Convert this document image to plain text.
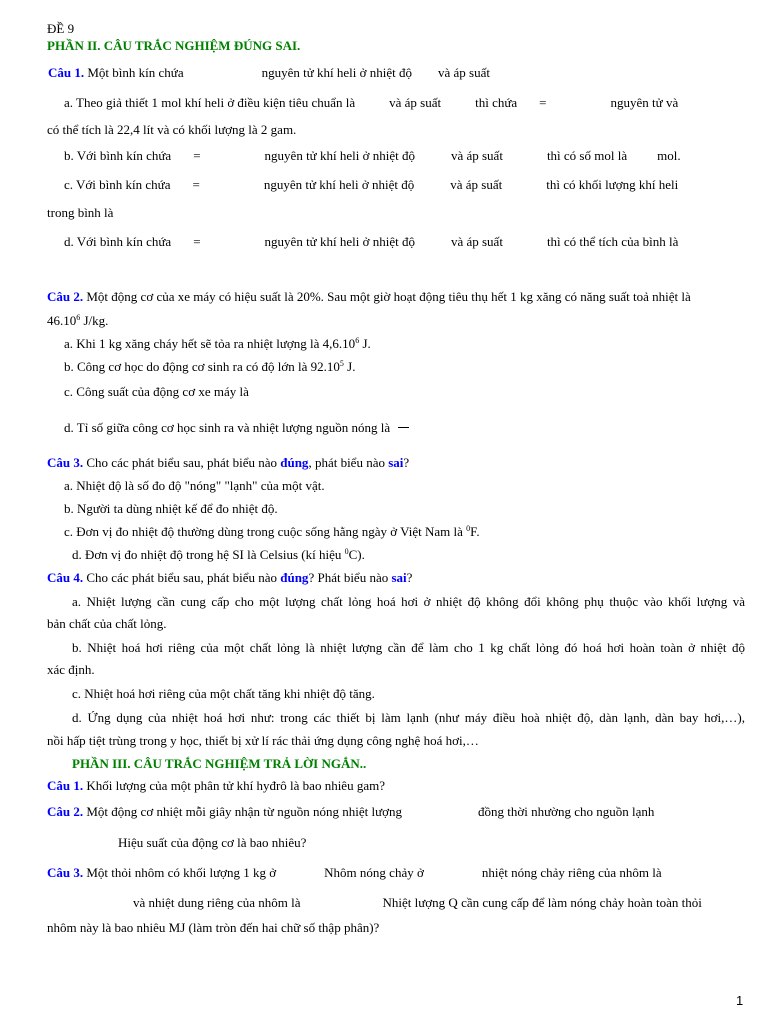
ĐỀ 9
PHẦN II. CÂU TRẮC NGHIỆM ĐÚNG SAI.
Câu 1. Một bình kín chứa	nguyên tử khí heli ở nhiệt độ và áp suất
a. Theo giả thiết 1 mol khí heli ở điều kiện tiêu chuẩn là	và áp suất	thì chứa =	nguyên tử và
có thể tích là 22,4 lít và có khối lượng là 2 gam.
b. Với bình kín chứa =	nguyên tử khí heli ở nhiệt độ	và áp suất	thì có số mol là mol.
c. Với bình kín chứa =	nguyên tử khí heli ở nhiệt độ	và áp suất	thì có khối lượng khí heli
trong bình là
d. Với bình kín chứa =	nguyên tử khí heli ở nhiệt độ	và áp suất	thì có thể tích của bình là
Câu 2. Một động cơ của xe máy có hiệu suất là 20%. Sau một giờ hoạt động tiêu thụ hết 1 kg xăng có năng suất toả nhiệt là
46.10$^6$ J/kg.
a. Khi 1 kg xăng cháy hết sẽ tỏa ra nhiệt lượng là 4,6.10$^6$ J.
b. Công cơ học do động cơ sinh ra có độ lớn là 92.10$^5$ J.
c. Công suất của động cơ xe máy là
d. Tỉ số giữa công cơ học sinh ra và nhiệt lượng nguồn nóng là
Câu 3. Cho các phát biểu sau, phát biểu nào đúng, phát biểu nào sai?
a. Nhiệt độ là số đo độ "nóng" "lạnh" của một vật.
b. Người ta dùng nhiệt kế để đo nhiệt độ.
c. Đơn vị đo nhiệt độ thường dùng trong cuộc sống hằng ngày ở Việt Nam là $^0$F.
d. Đơn vị đo nhiệt độ trong hệ SI là Celsius (kí hiệu $^0$C).
Câu 4. Cho các phát biểu sau, phát biểu nào đúng? Phát biểu nào sai?
a. Nhiệt lượng cần cung cấp cho một lượng chất lỏng hoá hơi ở nhiệt độ không đổi không phụ thuộc vào khối lượng và
bản chất của chất lỏng.
b. Nhiệt hoá hơi riêng của một chất lỏng là nhiệt lượng cần để làm cho 1 kg chất lỏng đó hoá hơi hoàn toàn ở nhiệt độ
xác định.
c. Nhiệt hoá hơi riêng của một chất tăng khi nhiệt độ tăng.
d. Ứng dụng của nhiệt hoá hơi như: trong các thiết bị làm lạnh (như máy điều hoà nhiệt độ, dàn lạnh, dàn bay hơi,…),
nồi hấp tiệt trùng trong y học, thiết bị xử lí rác thải ứng dụng công nghệ hoá hơi,…
PHẦN III. CÂU TRẮC NGHIỆM TRẢ LỜI NGẮN..
Câu 1. Khối lượng của một phân tử khí hyđrô là bao nhiêu gam?
Câu 2. Một động cơ nhiệt mỗi giây nhận từ nguồn nóng nhiệt lượng	đồng thời nhường cho nguồn lạnh
Hiệu suất của động cơ là bao nhiêu?
Câu 3. Một thỏi nhôm có khối lượng 1 kg ở	Nhôm nóng chảy ở	nhiệt nóng chảy riêng của nhôm là
và nhiệt dung riêng của nhôm là	Nhiệt lượng Q cần cung cấp để làm nóng chảy hoàn toàn thỏi
nhôm này là bao nhiêu MJ (làm tròn đến hai chữ số thập phân)?
1
